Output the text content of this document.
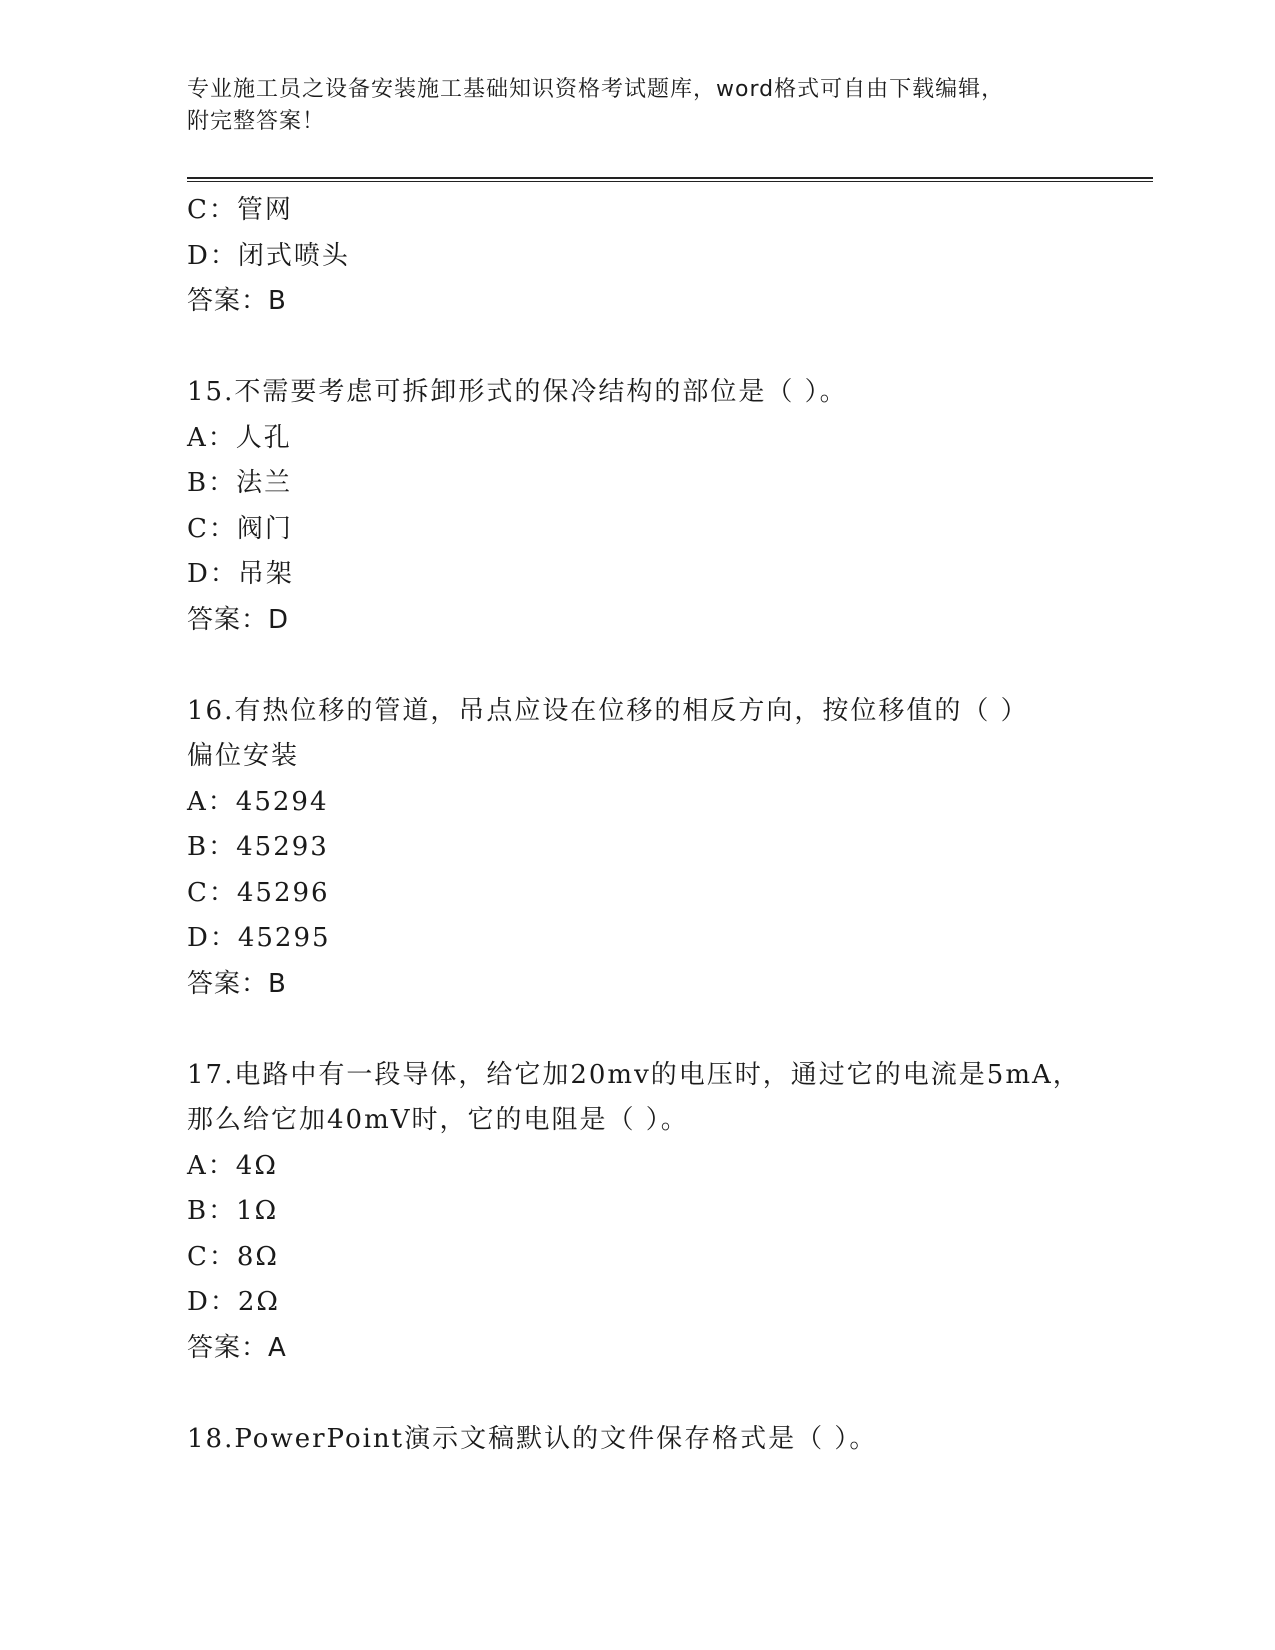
专业施工员之设备安装施工基础知识资格考试题库，word格式可自由下载编辑，
附完整答案！
C：管网
D：闭式喷头
答案：B
15.不需要考虑可拆卸形式的保冷结构的部位是（ ）。
A：人孔
B：法兰
C：阀门
D：吊架
答案：D
16.有热位移的管道，吊点应设在位移的相反方向，按位移值的（ ）
偏位安装
A：45294
B：45293
C：45296
D：45295
答案：B
17.电路中有一段导体，给它加20mv的电压时，通过它的电流是5mA，
那么给它加40mV时，它的电阻是（ ）。
A：4Ω
B：1Ω
C：8Ω
D：2Ω
答案：A
18.PowerPoint演示文稿默认的文件保存格式是（ ）。
